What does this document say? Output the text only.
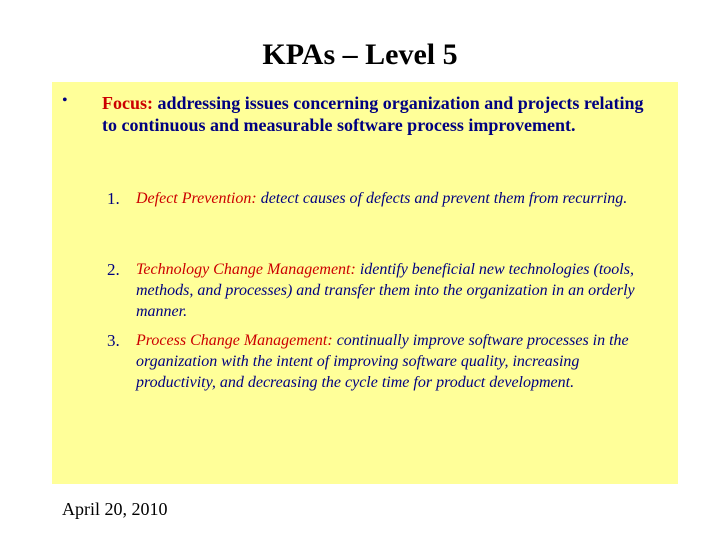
KPAs – Level 5
• Focus: addressing issues concerning organization and projects relating to continuous and measurable software process improvement.
1. Defect Prevention: detect causes of defects and prevent them from recurring.
2. Technology Change Management: identify beneficial new technologies (tools, methods, and processes) and transfer them into the organization in an orderly manner.
3. Process Change Management: continually improve software processes in the organization with the intent of improving software quality, increasing productivity, and decreasing the cycle time for product development.
April 20, 2010
